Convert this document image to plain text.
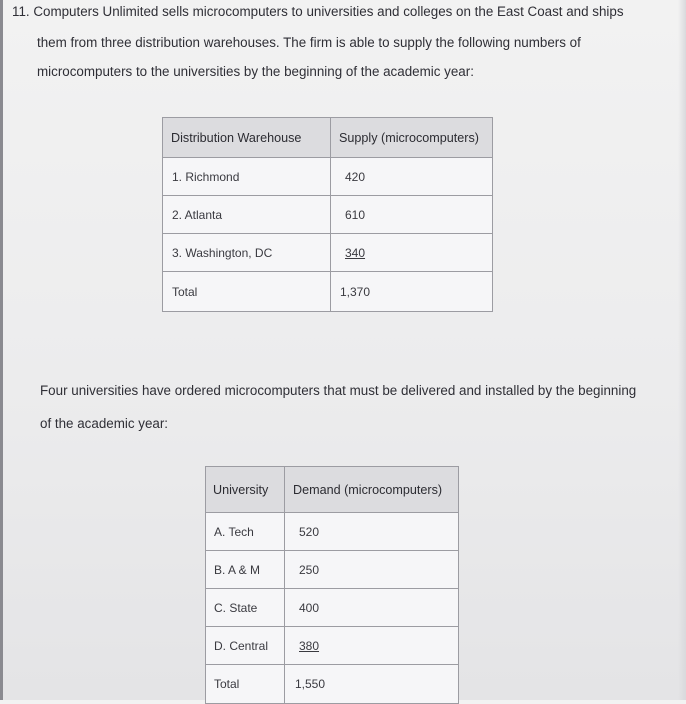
11. Computers Unlimited sells microcomputers to universities and colleges on the East Coast and ships
them from three distribution warehouses. The firm is able to supply the following numbers of
microcomputers to the universities by the beginning of the academic year:
Distribution Warehouse	Supply (microcomputers)
1. Richmond	420
2. Atlanta	610
3. Washington, DC	340
Total	1,370
Four universities have ordered microcomputers that must be delivered and installed by the beginning
of the academic year:
University	Demand (microcomputers)
A. Tech	520
B. A & M	250
C. State	400
D. Central	380
Total	1,550
